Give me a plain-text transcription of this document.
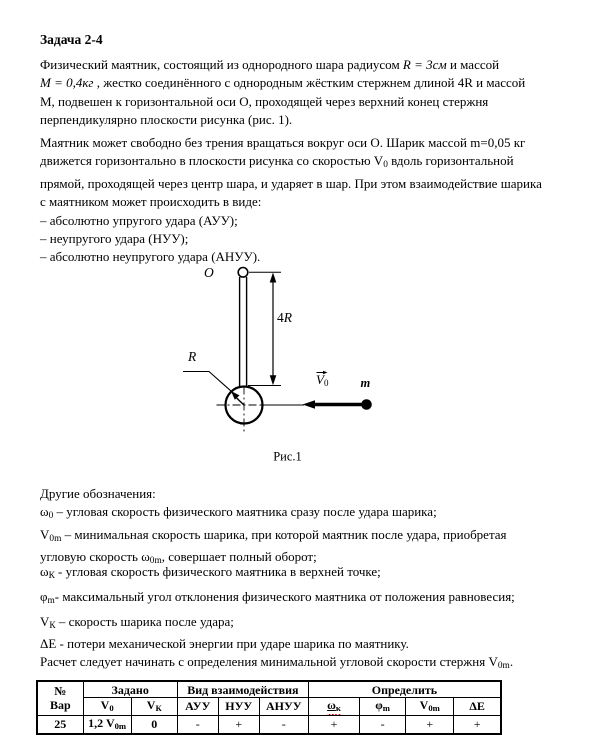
Задача 2-4
Физический маятник, состоящий из однородного шара радиусом R = 3см и массой
M = 0,4кг , жестко соединённого с однородным жёстким стержнем длиной 4R и массой
М, подвешен к горизонтальной оси О, проходящей через верхний конец стержня
перпендикулярно плоскости рисунка (рис. 1).
Маятник может свободно без трения вращаться вокруг оси О. Шарик массой m=0,05 кг
движется горизонтально в плоскости рисунка со скоростью $V_0$ вдоль горизонтальной
прямой, проходящей через центр шара, и ударяет в шар. При этом взаимодействие шарика
с маятником может происходить в виде:
– абсолютно упругого удара (АУУ);
– неупругого удара (НУУ);
– абсолютно неупругого удара (АНУУ).
O
4R
R
V0	m
Рис.1
Другие обозначения:
$\omega_0$ – угловая скорость физического маятника сразу после удара шарика;
$V_{0m}$ – минимальная скорость шарика, при которой маятник после удара, приобретая
угловую скорость $\omega_{0m}$, совершает полный оборот;
$\omega_К$ - угловая скорость физического маятника в верхней точке;
$\varphi_m-$ максимальный угол отклонения физического маятника от положения равновесия;
$V_К$ – скорость шарика после удара;
ΔЕ - потери механической энергии при ударе шарика по маятнику.
Расчет следует начинать с определения минимальной угловой скорости стержня $V_{0m}$.
№
Вар	Задано		Вид взаимодействия			Определить			
	$V_0$	$V_К$	АУУ	НУУ	АНУУ	$\omega_к$	$\varphi_m$	$V_{0m}$	ΔЕ
25	1,2 $V_{0m}$	0	-	+	-	+	-	+	+
